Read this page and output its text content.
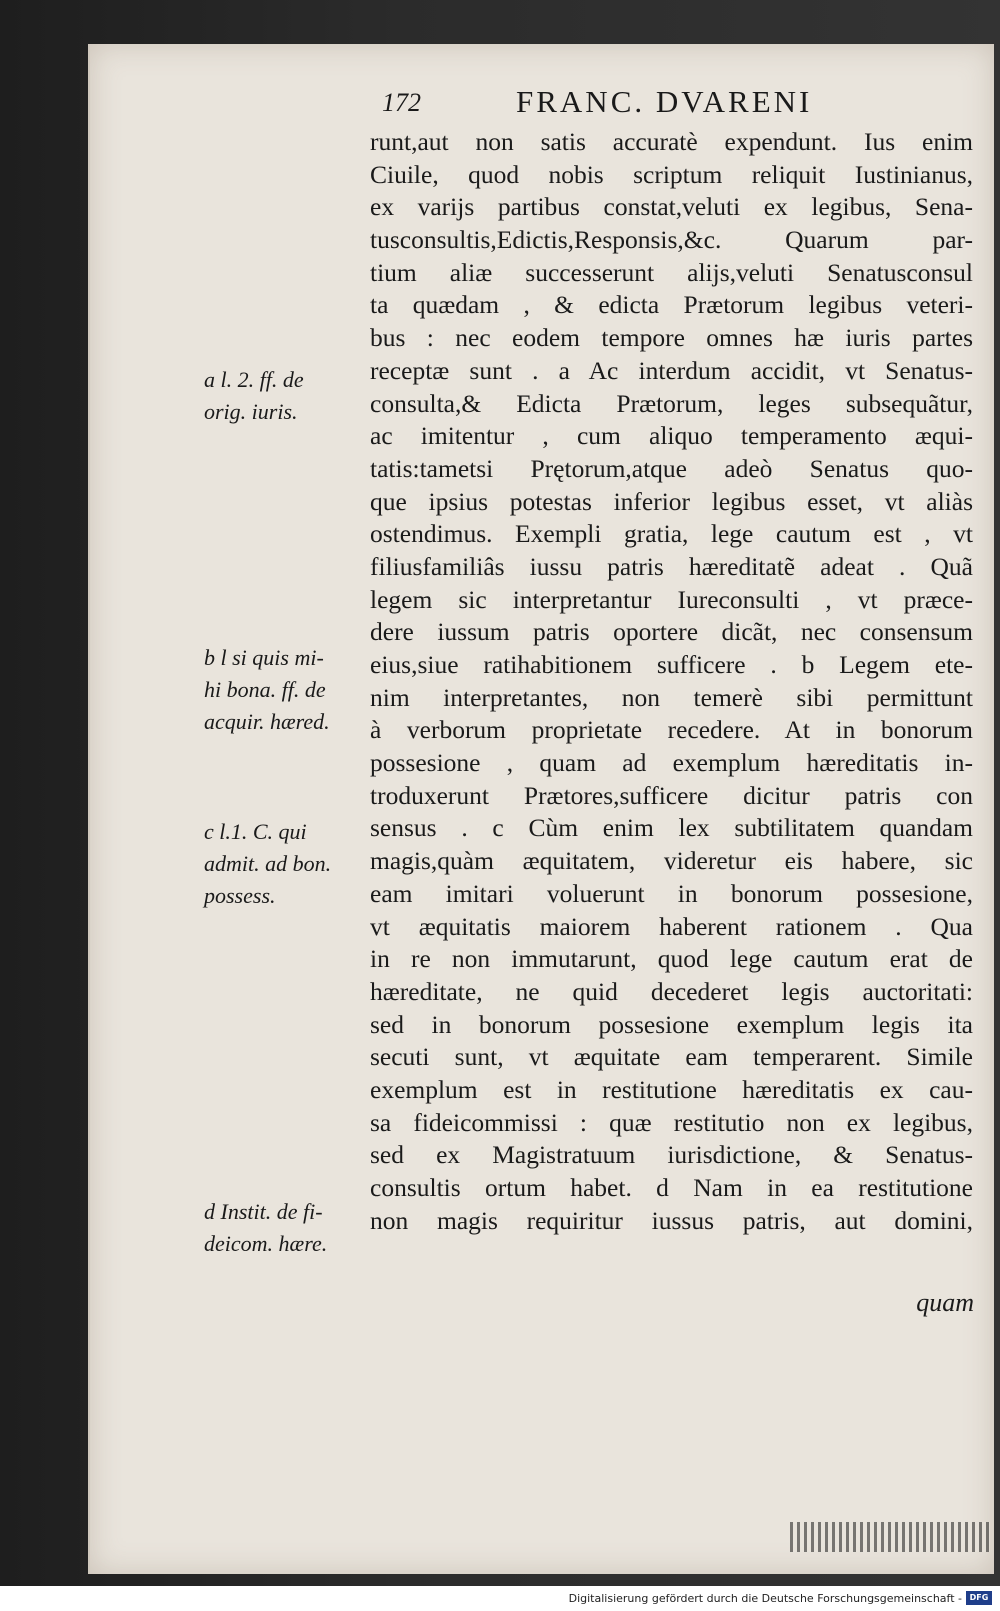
172	FRANC. DVARENI
a l. 2. ff. de
orig. iuris.
b l si quis mi-
hi bona. ff. de
acquir. hæred.
c l.1. C. qui
admit. ad bon.
possess.
d Instit. de fi-
deicom. hære.
runt,aut non satis accuratè expendunt. Ius enim
Ciuile, quod nobis scriptum reliquit Iustinianus,
ex varijs partibus constat,veluti ex legibus, Sena-
tusconsultis,Edictis,Responsis,&c. Quarum par-
tium aliæ successerunt alijs,veluti Senatusconsul
ta quædam , & edicta Prætorum legibus veteri-
bus : nec eodem tempore omnes hæ iuris partes
receptæ sunt . a Ac interdum accidit, vt Senatus-
consulta,& Edicta Prætorum, leges subsequãtur,
ac imitentur , cum aliquo temperamento æqui-
tatis:tametsi Prętorum,atque adeò Senatus quo-
que ipsius potestas inferior legibus esset, vt aliàs
ostendimus. Exempli gratia, lege cautum est , vt
filiusfamiliâs iussu patris hæreditatẽ adeat . Quã
legem sic interpretantur Iureconsulti , vt præce-
dere iussum patris oportere dicãt, nec consensum
eius,siue ratihabitionem sufficere . b Legem ete-
nim interpretantes, non temerè sibi permittunt
à verborum proprietate recedere. At in bonorum
possesione , quam ad exemplum hæreditatis in-
troduxerunt Prætores,sufficere dicitur patris con
sensus . c Cùm enim lex subtilitatem quandam
magis,quàm æquitatem, videretur eis habere, sic
eam imitari voluerunt in bonorum possesione,
vt æquitatis maiorem haberent rationem . Qua
in re non immutarunt, quod lege cautum erat de
hæreditate, ne quid decederet legis auctoritati:
sed in bonorum possesione exemplum legis ita
secuti sunt, vt æquitate eam temperarent. Simile
exemplum est in restitutione hæreditatis ex cau-
sa fideicommissi : quæ restitutio non ex legibus,
sed ex Magistratuum iurisdictione, & Senatus-
consultis ortum habet. d Nam in ea restitutione
non magis requiritur iussus patris, aut domini,
quam
Digitalisierung gefördert durch die Deutsche Forschungsgemeinschaft - DFG
